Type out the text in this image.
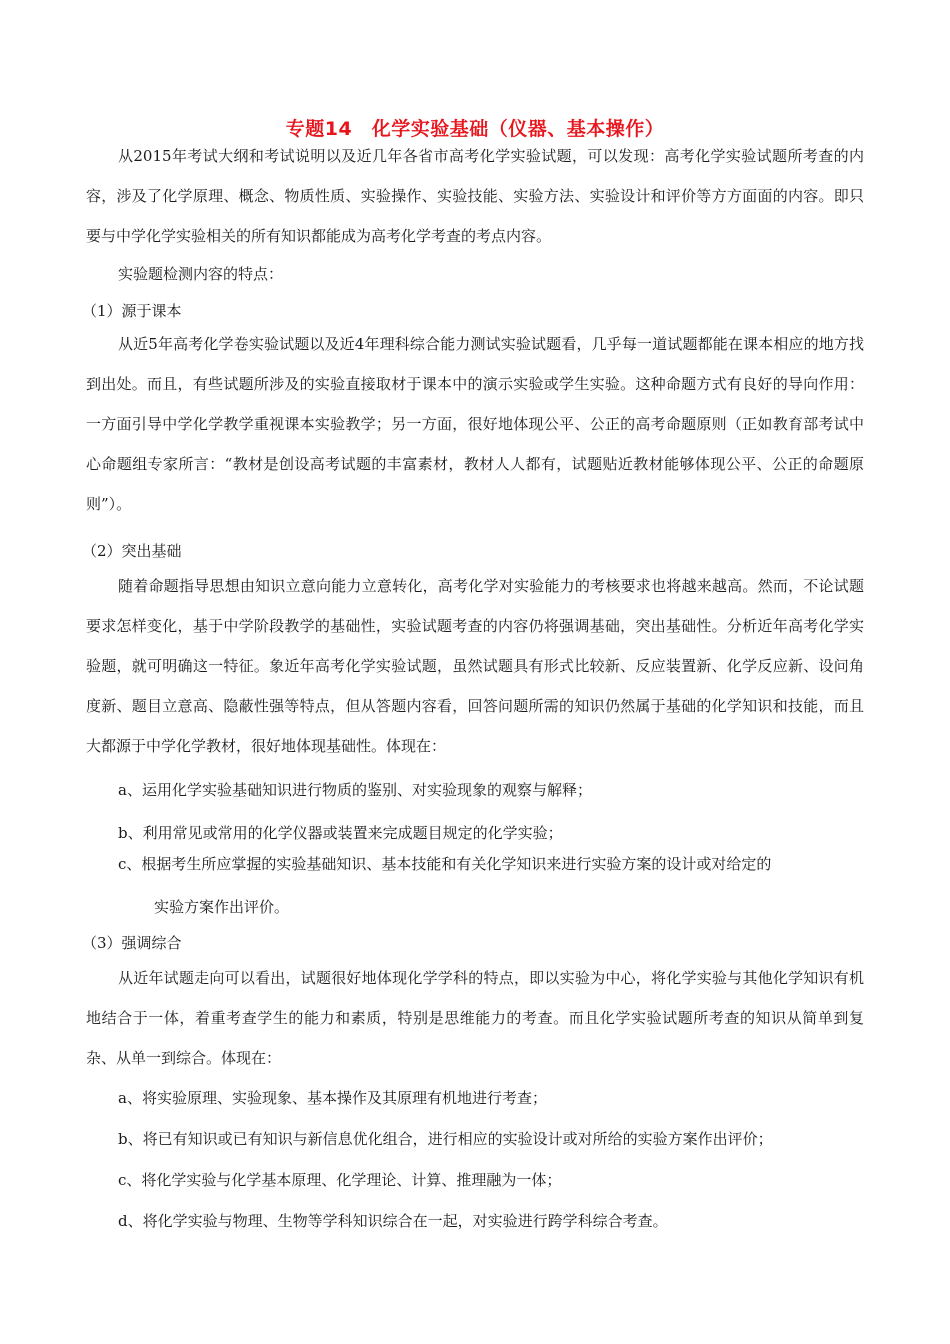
专题14　化学实验基础（仪器、基本操作）

从2015年考试大纲和考试说明以及近几年各省市高考化学实验试题，可以发现：高考化学实验试题所考查的内容，涉及了化学原理、概念、物质性质、实验操作、实验技能、实验方法、实验设计和评价等方方面面的内容。即只要与中学化学实验相关的所有知识都能成为高考化学考查的考点内容。

实验题检测内容的特点：

（1）源于课本

从近5年高考化学卷实验试题以及近4年理科综合能力测试实验试题看，几乎每一道试题都能在课本相应的地方找到出处。而且，有些试题所涉及的实验直接取材于课本中的演示实验或学生实验。这种命题方式有良好的导向作用：一方面引导中学化学教学重视课本实验教学；另一方面，很好地体现公平、公正的高考命题原则（正如教育部考试中心命题组专家所言：“教材是创设高考试题的丰富素材，教材人人都有，试题贴近教材能够体现公平、公正的命题原则”）。

（2）突出基础

随着命题指导思想由知识立意向能力立意转化，高考化学对实验能力的考核要求也将越来越高。然而，不论试题要求怎样变化，基于中学阶段教学的基础性，实验试题考查的内容仍将强调基础，突出基础性。分析近年高考化学实验题，就可明确这一特征。象近年高考化学实验试题，虽然试题具有形式比较新、反应装置新、化学反应新、设问角度新、题目立意高、隐蔽性强等特点，但从答题内容看，回答问题所需的知识仍然属于基础的化学知识和技能，而且大都源于中学化学教材，很好地体现基础性。体现在：

a、运用化学实验基础知识进行物质的鉴别、对实验现象的观察与解释；

b、利用常见或常用的化学仪器或装置来完成题目规定的化学实验；

c、根据考生所应掌握的实验基础知识、基本技能和有关化学知识来进行实验方案的设计或对给定的
实验方案作出评价。

（3）强调综合

从近年试题走向可以看出，试题很好地体现化学学科的特点，即以实验为中心，将化学实验与其他化学知识有机地结合于一体，着重考查学生的能力和素质，特别是思维能力的考查。而且化学实验试题所考查的知识从简单到复杂、从单一到综合。体现在：

a、将实验原理、实验现象、基本操作及其原理有机地进行考查；

b、将已有知识或已有知识与新信息优化组合，进行相应的实验设计或对所给的实验方案作出评价；

c、将化学实验与化学基本原理、化学理论、计算、推理融为一体；

d、将化学实验与物理、生物等学科知识综合在一起，对实验进行跨学科综合考查。
